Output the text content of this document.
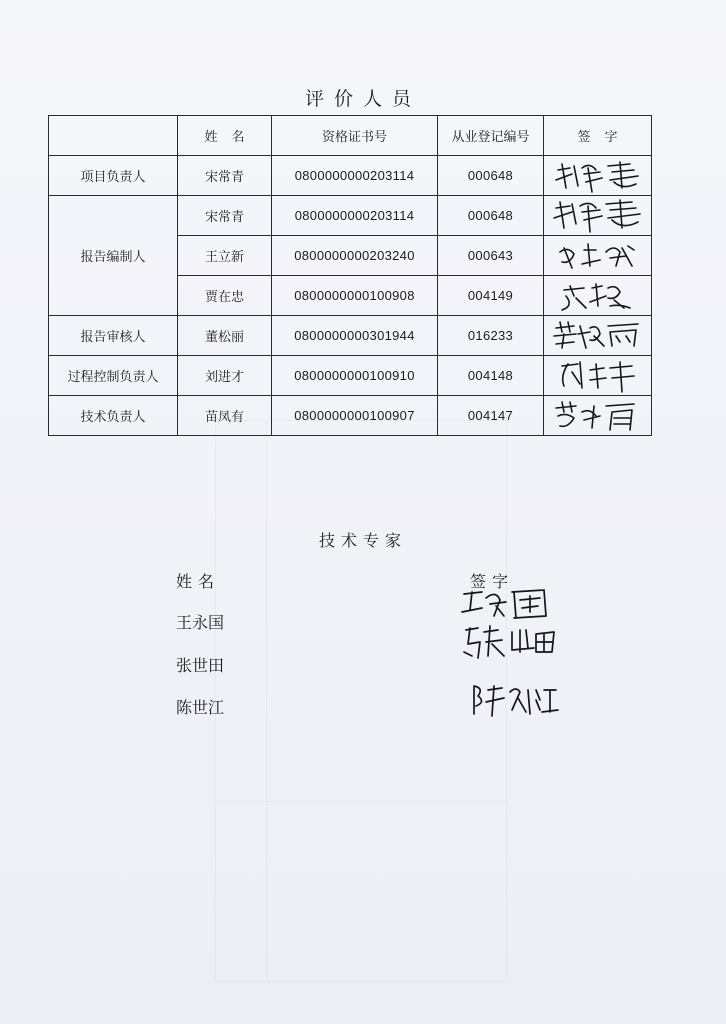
评价人员
	姓名	资格证书号	从业登记编号	签字
项目负责人	宋常青	0800000000203114	000648	

报告编制人	宋常青	0800000000203114	000648	

	王立新	0800000000203240	000643	

	贾在忠	0800000000100908	004149	

报告审核人	董松丽	0800000000301944	016233	

过程控制负责人	刘进才	0800000000100910	004148	

技术负责人	苗凤有	0800000000100907	004147	
技术专家
姓名	签字
王永国
张世田
陈世江
